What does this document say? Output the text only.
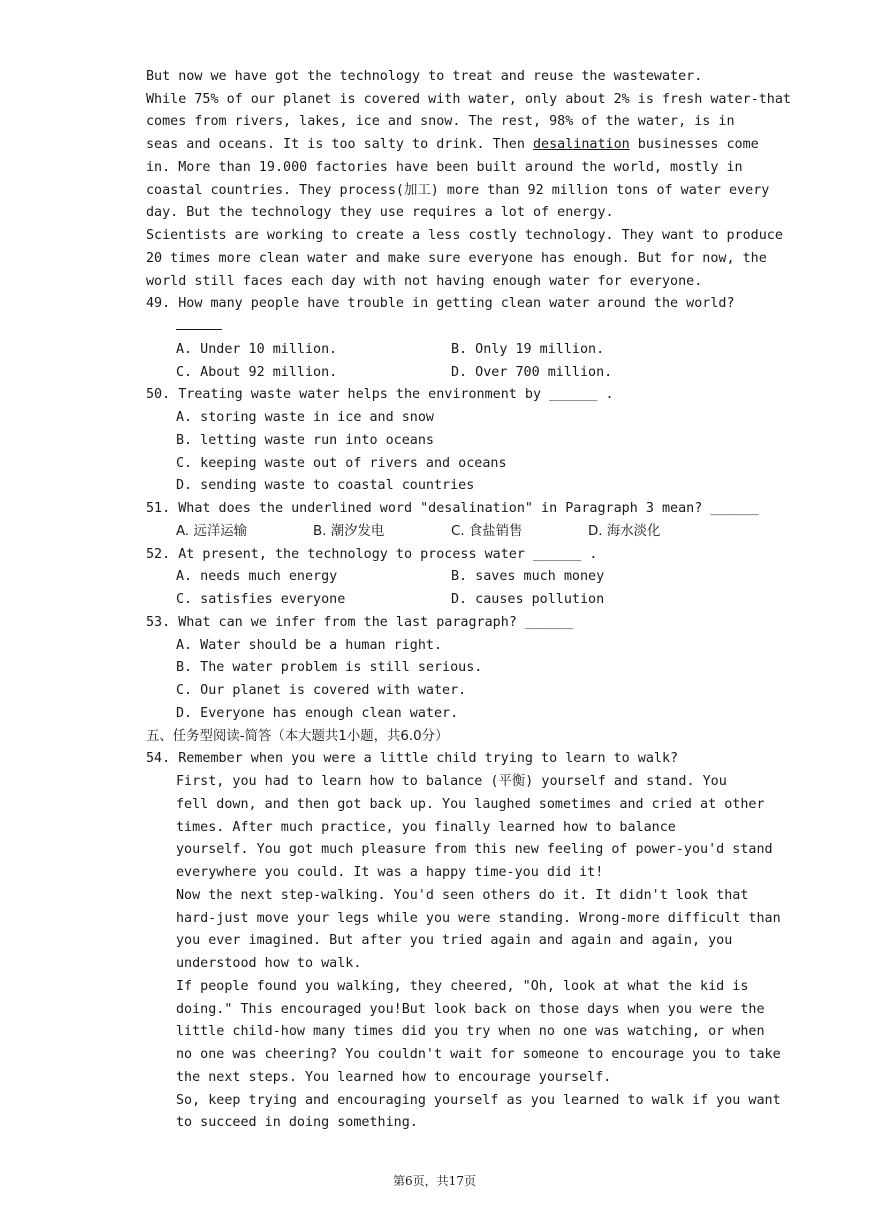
But now we have got the technology to treat and reuse the wastewater.
While 75% of our planet is covered with water, only about 2% is fresh water-that
comes from rivers, lakes, ice and snow. The rest, 98% of the water, is in
seas and oceans. It is too salty to drink. Then desalination businesses come
in. More than 19.000 factories have been built around the world, mostly in
coastal countries. They process(加工) more than 92 million tons of water every
day. But the technology they use requires a lot of energy.
Scientists are working to create a less costly technology. They want to produce
20 times more clean water and make sure everyone has enough. But for now, the
world still faces each day with not having enough water for everyone.
49. How many people have trouble in getting clean water around the world?
A. Under 10 million.	B. Only 19 million.
C. About 92 million.	D. Over 700 million.
50. Treating waste water helps the environment by ______ .
A. storing waste in ice and snow
B. letting waste run into oceans
C. keeping waste out of rivers and oceans
D. sending waste to coastal countries
51. What does the underlined word "desalination" in Paragraph 3 mean? ______
A. 远洋运输	B. 潮汐发电	C. 食盐销售	D. 海水淡化
52. At present, the technology to process water ______ .
A. needs much energy	B. saves much money
C. satisfies everyone	D. causes pollution
53. What can we infer from the last paragraph? ______
A. Water should be a human right.
B. The water problem is still serious.
C. Our planet is covered with water.
D. Everyone has enough clean water.
五、任务型阅读-简答（本大题共1小题，共6.0分）
54. Remember when you were a little child trying to learn to walk?
First, you had to learn how to balance (平衡) yourself and stand. You
fell down, and then got back up. You laughed sometimes and cried at other
times. After much practice, you finally learned how to balance
yourself. You got much pleasure from this new feeling of power-you'd stand
everywhere you could. It was a happy time-you did it!
Now the next step-walking. You'd seen others do it. It didn't look that
hard-just move your legs while you were standing. Wrong-more difficult than
you ever imagined. But after you tried again and again and again, you
understood how to walk.
If people found you walking, they cheered, "Oh, look at what the kid is
doing." This encouraged you!But look back on those days when you were the
little child-how many times did you try when no one was watching, or when
no one was cheering? You couldn't wait for someone to encourage you to take
the next steps. You learned how to encourage yourself.
So, keep trying and encouraging yourself as you learned to walk if you want
to succeed in doing something.
第6页，共17页
